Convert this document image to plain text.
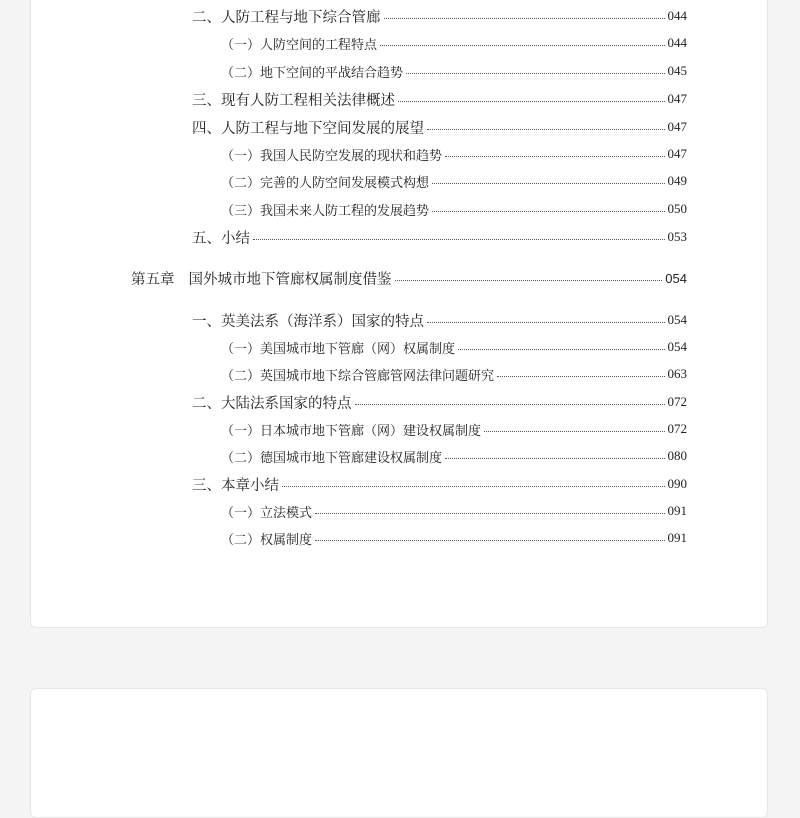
二、人防工程与地下综合管廊	044
（一）人防空间的工程特点	044
（二）地下空间的平战结合趋势	045
三、现有人防工程相关法律概述	047
四、人防工程与地下空间发展的展望	047
（一）我国人民防空发展的现状和趋势	047
（二）完善的人防空间发展模式构想	049
（三）我国未来人防工程的发展趋势	050
五、小结	053
第五章 国外城市地下管廊权属制度借鉴	054
一、英美法系（海洋系）国家的特点	054
（一）美国城市地下管廊（网）权属制度	054
（二）英国城市地下综合管廊管网法律问题研究	063
二、大陆法系国家的特点	072
（一）日本城市地下管廊（网）建设权属制度	072
（二）德国城市地下管廊建设权属制度	080
三、本章小结	090
（一）立法模式	091
（二）权属制度	091
